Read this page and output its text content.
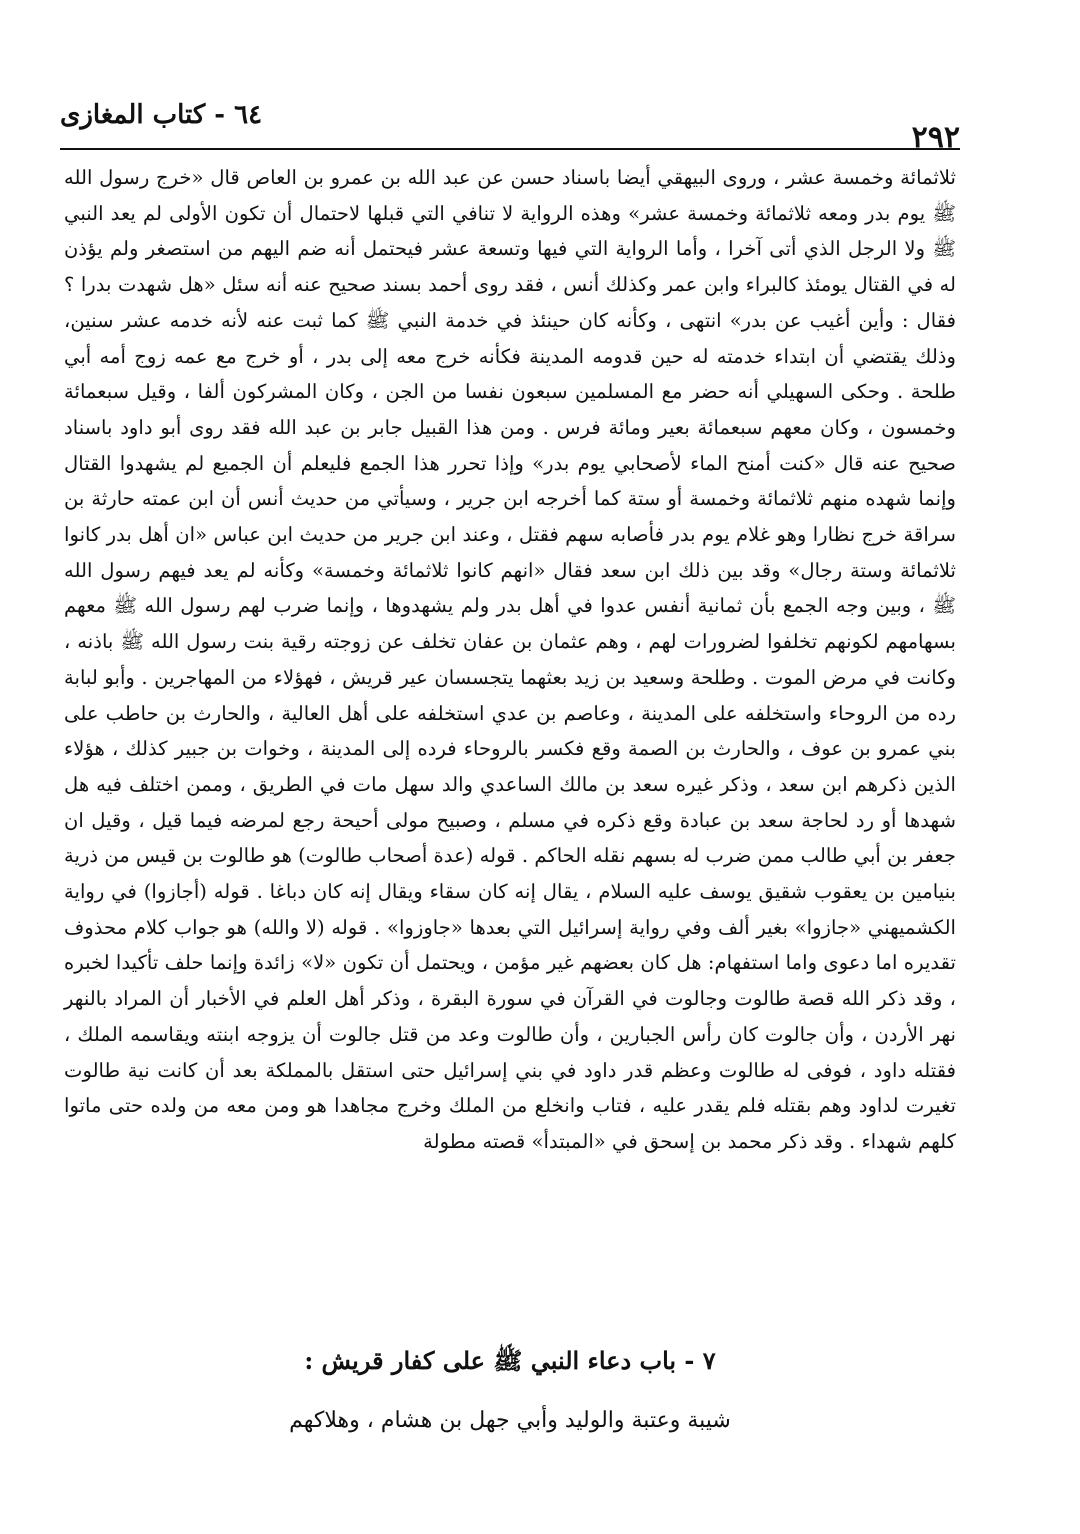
٢٩٢
٦٤ - كتاب المغازى

ثلاثمائة وخمسة عشر ، وروى البيهقي أيضا باسناد حسن عن عبد الله بن عمرو بن العاص قال «خرج رسول الله ﷺ يوم بدر ومعه ثلاثمائة وخمسة عشر» وهذه الرواية لا تنافي التي قبلها لاحتمال أن تكون الأولى لم يعد النبي ﷺ ولا الرجل الذي أتى آخرا ، وأما الرواية التي فيها وتسعة عشر فيحتمل أنه ضم اليهم من استصغر ولم يؤذن له في القتال يومئذ كالبراء وابن عمر وكذلك أنس ، فقد روى أحمد بسند صحيح عنه أنه سئل «هل شهدت بدرا ؟ فقال : وأين أغيب عن بدر» انتهى ، وكأنه كان حينئذ في خدمة النبي ﷺ كما ثبت عنه لأنه خدمه عشر سنين، وذلك يقتضي أن ابتداء خدمته له حين قدومه المدينة فكأنه خرج معه إلى بدر ، أو خرج مع عمه زوج أمه أبي طلحة . وحكى السهيلي أنه حضر مع المسلمين سبعون نفسا من الجن ، وكان المشركون ألفا ، وقيل سبعمائة وخمسون ، وكان معهم سبعمائة بعير ومائة فرس . ومن هذا القبيل جابر بن عبد الله فقد روى أبو داود باسناد صحيح عنه قال «كنت أمنح الماء لأصحابي يوم بدر» وإذا تحرر هذا الجمع فليعلم أن الجميع لم يشهدوا القتال وإنما شهده منهم ثلاثمائة وخمسة أو ستة كما أخرجه ابن جرير ، وسيأتي من حديث أنس أن ابن عمته حارثة بن سراقة خرج نظارا وهو غلام يوم بدر فأصابه سهم فقتل ، وعند ابن جرير من حديث ابن عباس «ان أهل بدر كانوا ثلاثمائة وستة رجال» وقد بين ذلك ابن سعد فقال «انهم كانوا ثلاثمائة وخمسة» وكأنه لم يعد فيهم رسول الله ﷺ ، وبين وجه الجمع بأن ثمانية أنفس عدوا في أهل بدر ولم يشهدوها ، وإنما ضرب لهم رسول الله ﷺ معهم بسهامهم لكونهم تخلفوا لضرورات لهم ، وهم عثمان بن عفان تخلف عن زوجته رقية بنت رسول الله ﷺ باذنه ، وكانت في مرض الموت . وطلحة وسعيد بن زيد بعثهما يتجسسان عير قريش ، فهؤلاء من المهاجرين . وأبو لبابة رده من الروحاء واستخلفه على المدينة ، وعاصم بن عدي استخلفه على أهل العالية ، والحارث بن حاطب على بني عمرو بن عوف ، والحارث بن الصمة وقع فكسر بالروحاء فرده إلى المدينة ، وخوات بن جبير كذلك ، هؤلاء الذين ذكرهم ابن سعد ، وذكر غيره سعد بن مالك الساعدي والد سهل مات في الطريق ، وممن اختلف فيه هل شهدها أو رد لحاجة سعد بن عبادة وقع ذكره في مسلم ، وصبيح مولى أحيحة رجع لمرضه فيما قيل ، وقيل ان جعفر بن أبي طالب ممن ضرب له بسهم نقله الحاكم . قوله (عدة أصحاب طالوت) هو طالوت بن قيس من ذرية بنيامين بن يعقوب شقيق يوسف عليه السلام ، يقال إنه كان سقاء ويقال إنه كان دباغا . قوله (أجازوا) في رواية الكشميهني «جازوا» بغير ألف وفي رواية إسرائيل التي بعدها «جاوزوا» . قوله (لا والله) هو جواب كلام محذوف تقديره اما دعوى واما استفهام: هل كان بعضهم غير مؤمن ، ويحتمل أن تكون «لا» زائدة وإنما حلف تأكيدا لخبره ، وقد ذكر الله قصة طالوت وجالوت في القرآن في سورة البقرة ، وذكر أهل العلم في الأخبار أن المراد بالنهر نهر الأردن ، وأن جالوت كان رأس الجبارين ، وأن طالوت وعد من قتل جالوت أن يزوجه ابنته ويقاسمه الملك ، فقتله داود ، فوفى له طالوت وعظم قدر داود في بني إسرائيل حتى استقل بالمملكة بعد أن كانت نية طالوت تغيرت لداود وهم بقتله فلم يقدر عليه ، فتاب وانخلع من الملك وخرج مجاهدا هو ومن معه من ولده حتى ماتوا كلهم شهداء . وقد ذكر محمد بن إسحق في «المبتدأ» قصته مطولة

٧ - باب دعاء النبي ﷺ على كفار قريش :
شيبة وعتبة والوليد وأبي جهل بن هشام ، وهلاكهم
